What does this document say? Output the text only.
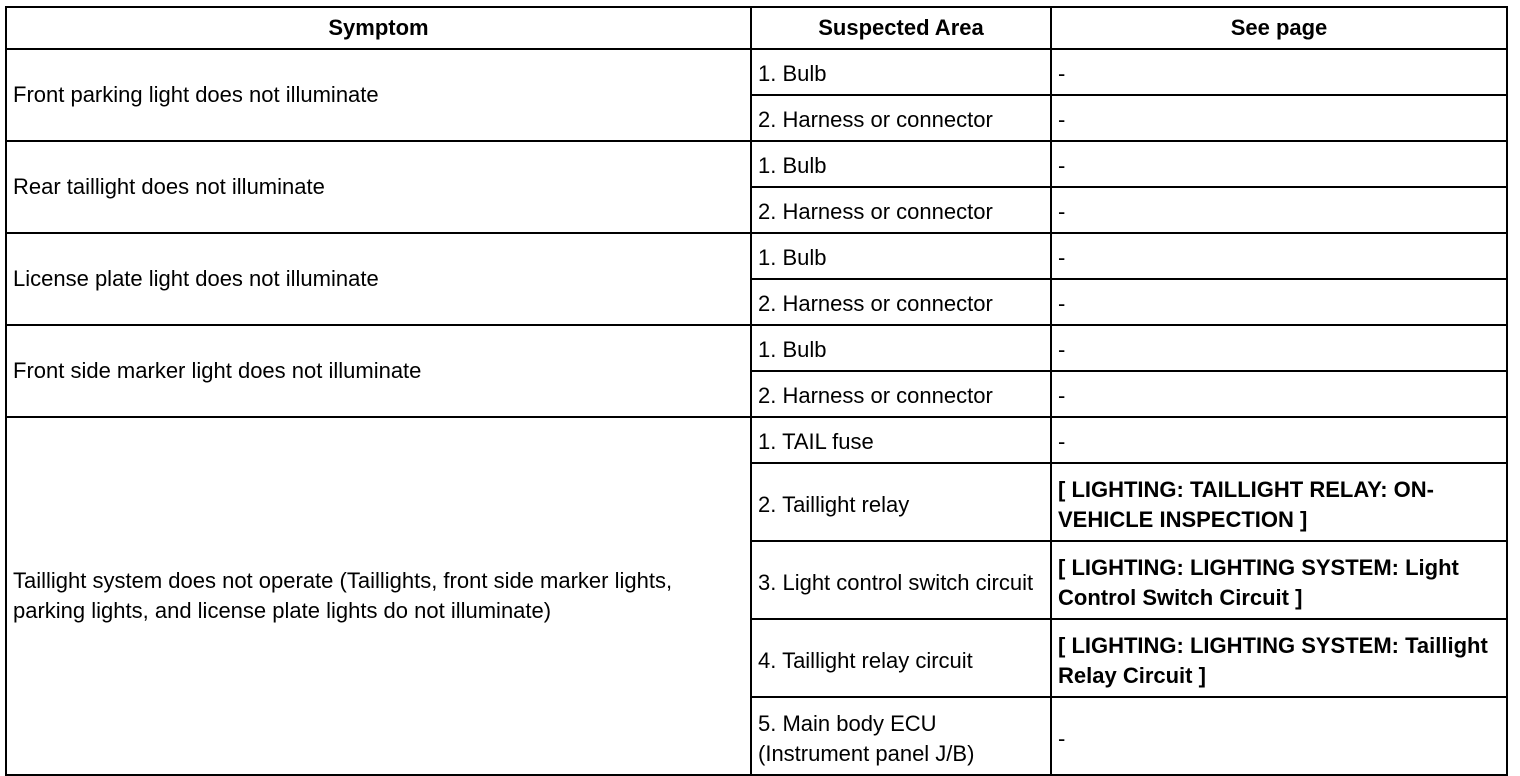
Symptom	Suspected Area	See page
Front parking light does not illuminate	1. Bulb	-
	2. Harness or connector	-
Rear taillight does not illuminate	1. Bulb	-
	2. Harness or connector	-
License plate light does not illuminate	1. Bulb	-
	2. Harness or connector	-
Front side marker light does not illuminate	1. Bulb	-
	2. Harness or connector	-
Taillight system does not operate (Taillights, front side marker lights, parking lights, and license plate lights do not illuminate)	1. TAIL fuse	-
	2. Taillight relay	[ LIGHTING: TAILLIGHT RELAY: ON-VEHICLE INSPECTION ]
	3. Light control switch circuit	[ LIGHTING: LIGHTING SYSTEM: Light Control Switch Circuit ]
	4. Taillight relay circuit	[ LIGHTING: LIGHTING SYSTEM: Taillight Relay Circuit ]
	5. Main body ECU (Instrument panel J/B)	-
